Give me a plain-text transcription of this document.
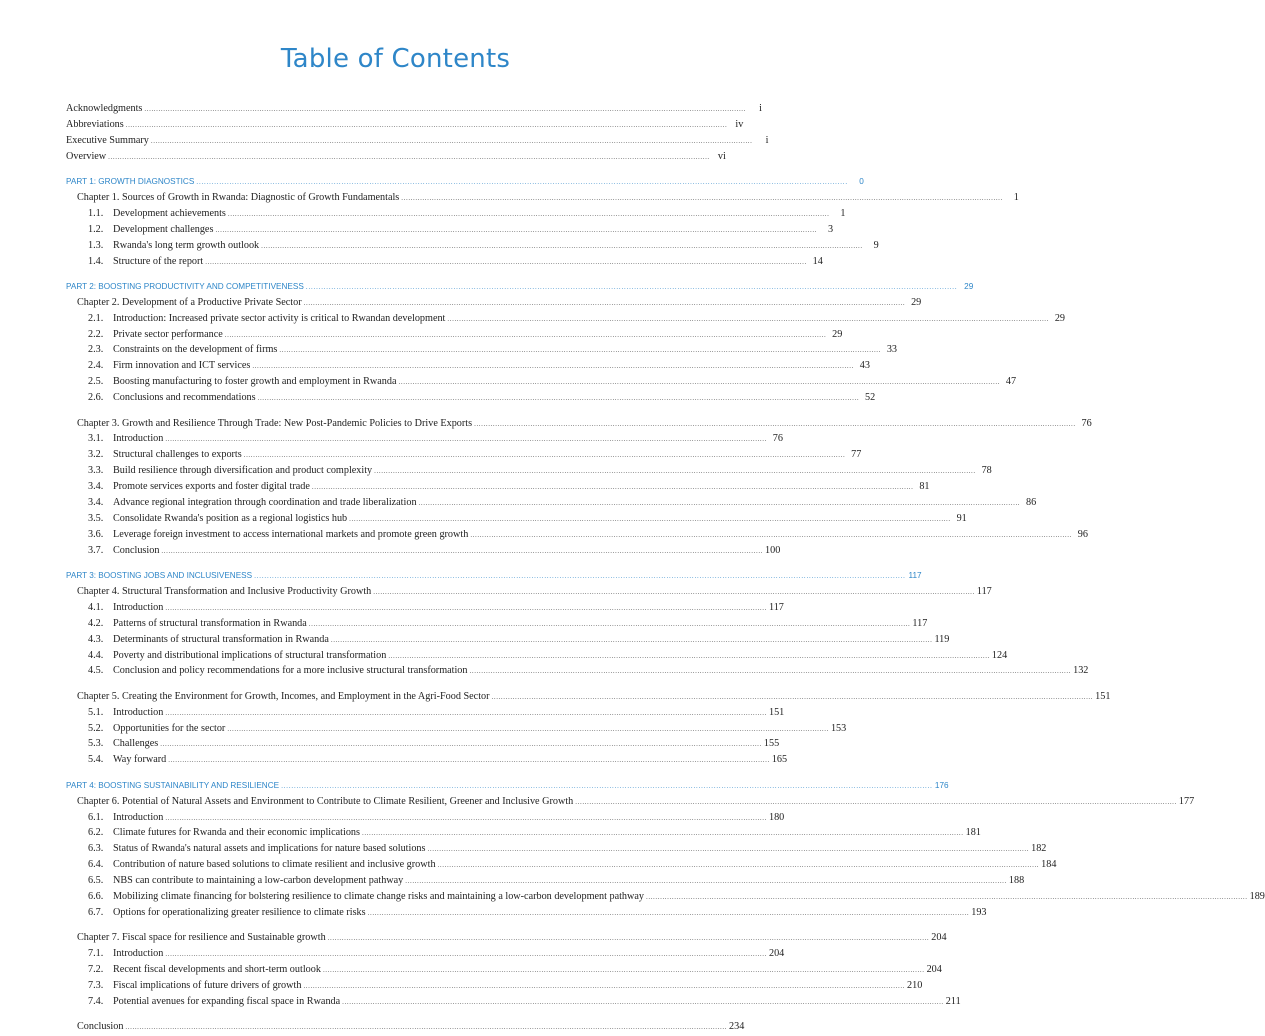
Table of Contents
Acknowledgments .....	i
Abbreviations .....	iv
Executive Summary .....	i
Overview .....	vi
PART 1: GROWTH DIAGNOSTICS .....	0
Chapter 1. Sources of Growth in Rwanda: Diagnostic of Growth Fundamentals .....	1
1.1. Development achievements .....	1
1.2. Development challenges .....	3
1.3. Rwanda's long term growth outlook .....	9
1.4. Structure of the report .....	14
PART 2: BOOSTING PRODUCTIVITY AND COMPETITIVENESS .....	29
Chapter 2. Development of a Productive Private Sector .....	29
2.1. Introduction: Increased private sector activity is critical to Rwandan development .....	29
2.2. Private sector performance .....	29
2.3. Constraints on the development of firms .....	33
2.4. Firm innovation and ICT services .....	43
2.5. Boosting manufacturing to foster growth and employment in Rwanda .....	47
2.6. Conclusions and recommendations .....	52
Chapter 3. Growth and Resilience Through Trade: New Post-Pandemic Policies to Drive Exports .....	76
3.1. Introduction .....	76
3.2. Structural challenges to exports .....	77
3.3. Build resilience through diversification and product complexity .....	78
3.4. Promote services exports and foster digital trade .....	81
3.4. Advance regional integration through coordination and trade liberalization .....	86
3.5. Consolidate Rwanda's position as a regional logistics hub .....	91
3.6. Leverage foreign investment to access international markets and promote green growth .....	96
3.7. Conclusion .....	100
PART 3: BOOSTING JOBS AND INCLUSIVENESS .....	117
Chapter 4. Structural Transformation and Inclusive Productivity Growth .....	117
4.1. Introduction .....	117
4.2. Patterns of structural transformation in Rwanda .....	117
4.3. Determinants of structural transformation in Rwanda .....	119
4.4. Poverty and distributional implications of structural transformation .....	124
4.5. Conclusion and policy recommendations for a more inclusive structural transformation .....	132
Chapter 5. Creating the Environment for Growth, Incomes, and Employment in the Agri-Food Sector .....	151
5.1. Introduction .....	151
5.2. Opportunities for the sector .....	153
5.3. Challenges .....	155
5.4. Way forward .....	165
PART 4: BOOSTING SUSTAINABILITY AND RESILIENCE .....	176
Chapter 6. Potential of Natural Assets and Environment to Contribute to Climate Resilient, Greener and Inclusive Growth .....	177
6.1. Introduction .....	180
6.2. Climate futures for Rwanda and their economic implications .....	181
6.3. Status of Rwanda's natural assets and implications for nature based solutions .....	182
6.4. Contribution of nature based solutions to climate resilient and inclusive growth .....	184
6.5. NBS can contribute to maintaining a low-carbon development pathway .....	188
6.6. Mobilizing climate financing for bolstering resilience to climate change risks and maintaining a low-carbon development pathway .....	189
6.7. Options for operationalizing greater resilience to climate risks .....	193
Chapter 7. Fiscal space for resilience and Sustainable growth .....	204
7.1. Introduction .....	204
7.2. Recent fiscal developments and short-term outlook .....	204
7.3. Fiscal implications of future drivers of growth .....	210
7.4. Potential avenues for expanding fiscal space in Rwanda .....	211
Conclusion .....	234
